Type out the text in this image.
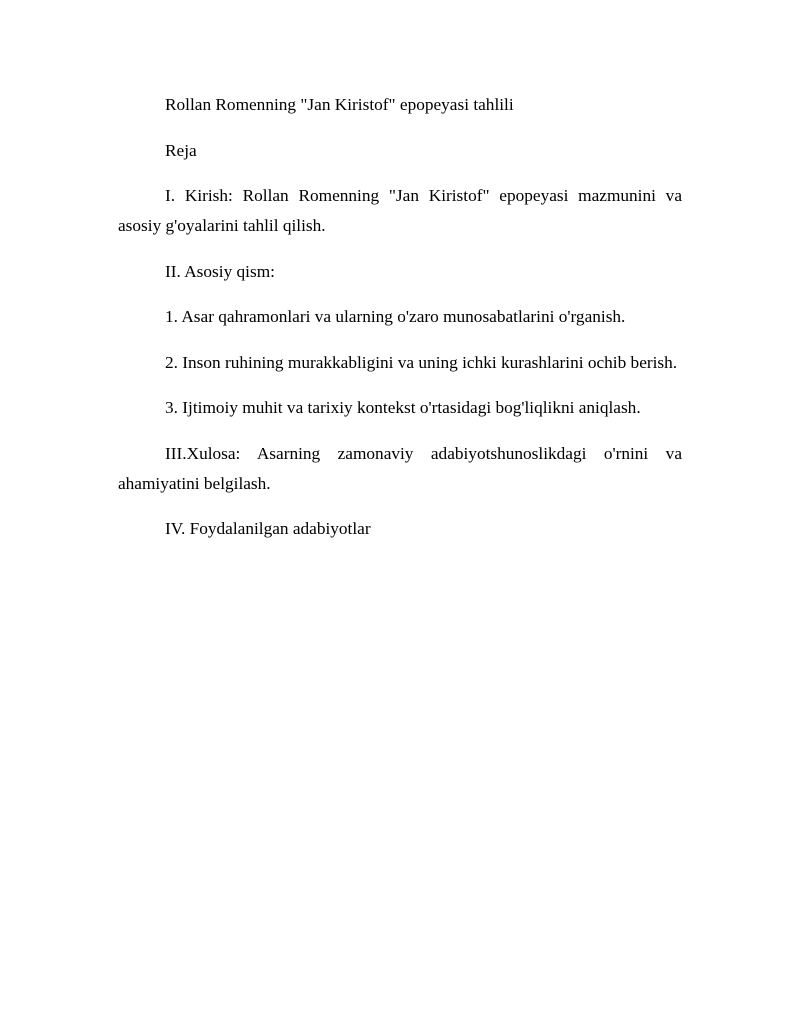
Rollan Romenning "Jan Kiristof" epopeyasi tahlili

Reja

I. Kirish: Rollan Romenning "Jan Kiristof" epopeyasi mazmunini va asosiy g'oyalarini tahlil qilish.

II. Asosiy qism:

1. Asar qahramonlari va ularning o'zaro munosabatlarini o'rganish.

2. Inson ruhining murakkabligini va uning ichki kurashlarini ochib berish.

3. Ijtimoiy muhit va tarixiy kontekst o'rtasidagi bog'liqlikni aniqlash.

III.Xulosa: Asarning zamonaviy adabiyotshunoslikdagi o'rnini va ahamiyatini belgilash.

IV. Foydalanilgan adabiyotlar
